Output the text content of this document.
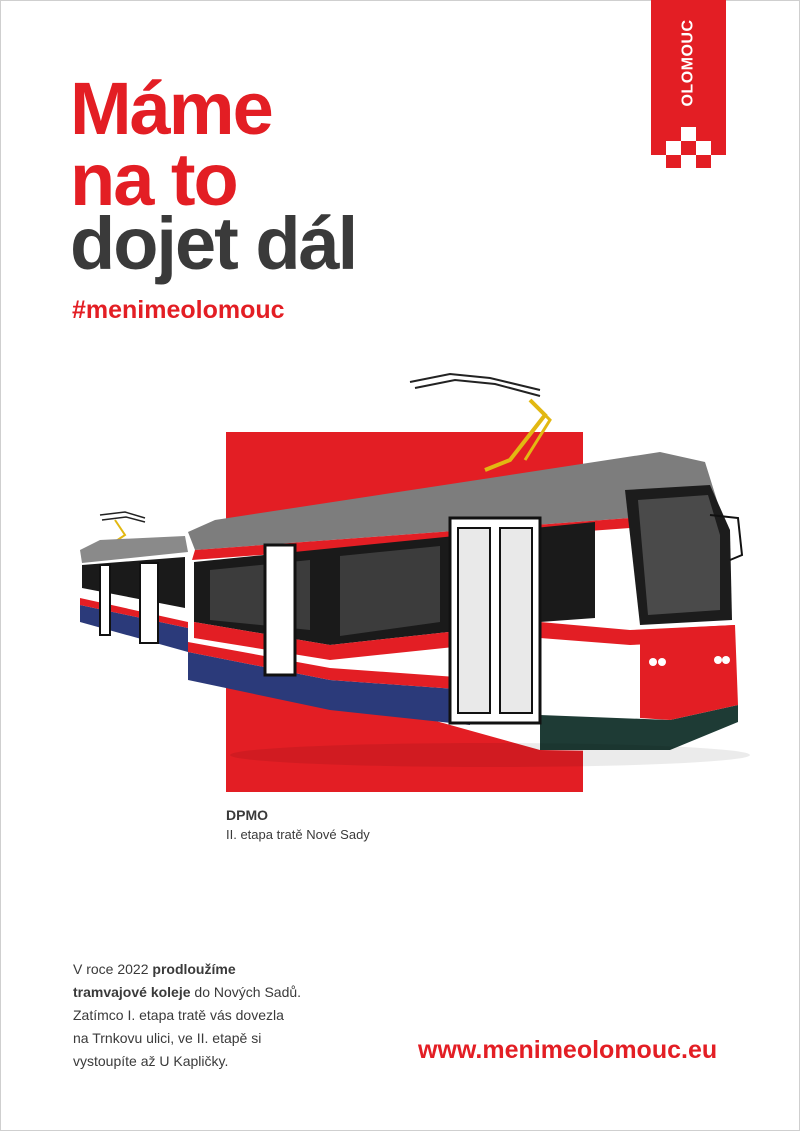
OLOMOUC
Máme
na to
dojet dál
#menimeolomouc
DPMO
II. etapa tratě Nové Sady
V roce 2022 prodloužíme tramvajové koleje do Nových Sadů. Zatímco I. etapa tratě vás dovezla na Trnkovu ulici, ve II. etapě si vystoupíte až U Kapličky.	www.menimeolomouc.eu
